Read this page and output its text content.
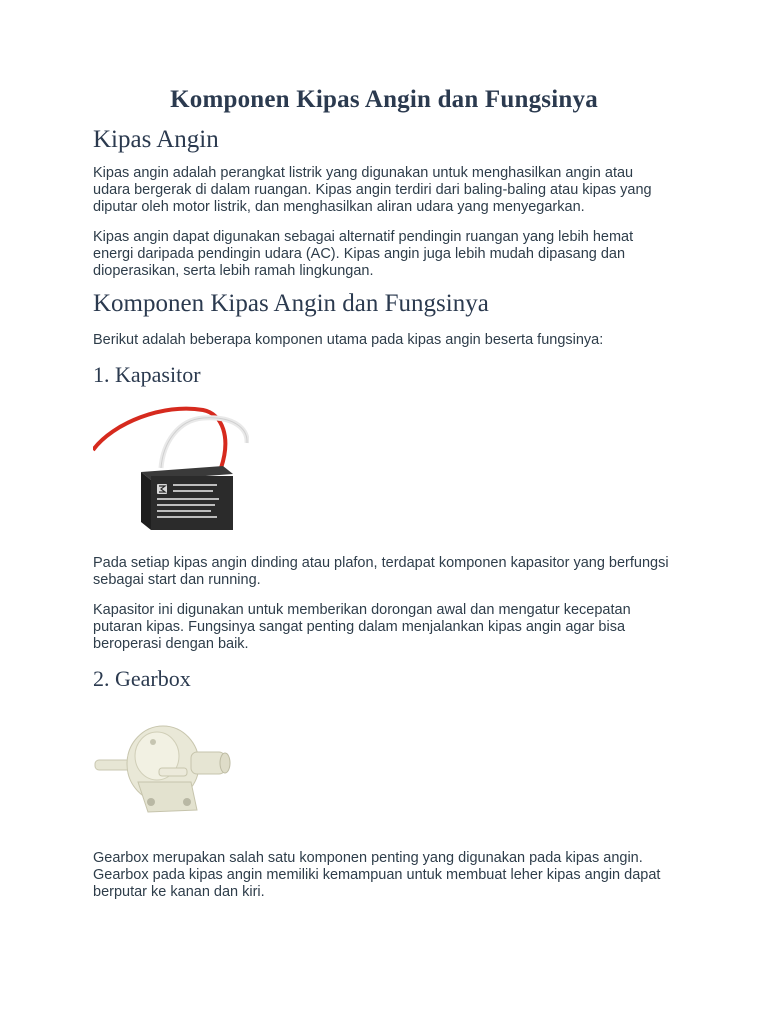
Komponen Kipas Angin dan Fungsinya
Kipas Angin

Kipas angin adalah perangkat listrik yang digunakan untuk menghasilkan angin atau udara bergerak di dalam ruangan. Kipas angin terdiri dari baling-baling atau kipas yang diputar oleh motor listrik, dan menghasilkan aliran udara yang menyegarkan.

Kipas angin dapat digunakan sebagai alternatif pendingin ruangan yang lebih hemat energi daripada pendingin udara (AC). Kipas angin juga lebih mudah dipasang dan dioperasikan, serta lebih ramah lingkungan.

Komponen Kipas Angin dan Fungsinya

Berikut adalah beberapa komponen utama pada kipas angin beserta fungsinya:

1. Kapasitor

Pada setiap kipas angin dinding atau plafon, terdapat komponen kapasitor yang berfungsi sebagai start dan running.

Kapasitor ini digunakan untuk memberikan dorongan awal dan mengatur kecepatan putaran kipas. Fungsinya sangat penting dalam menjalankan kipas angin agar bisa beroperasi dengan baik.

2. Gearbox

Gearbox merupakan salah satu komponen penting yang digunakan pada kipas angin. Gearbox pada kipas angin memiliki kemampuan untuk membuat leher kipas angin dapat berputar ke kanan dan kiri.
